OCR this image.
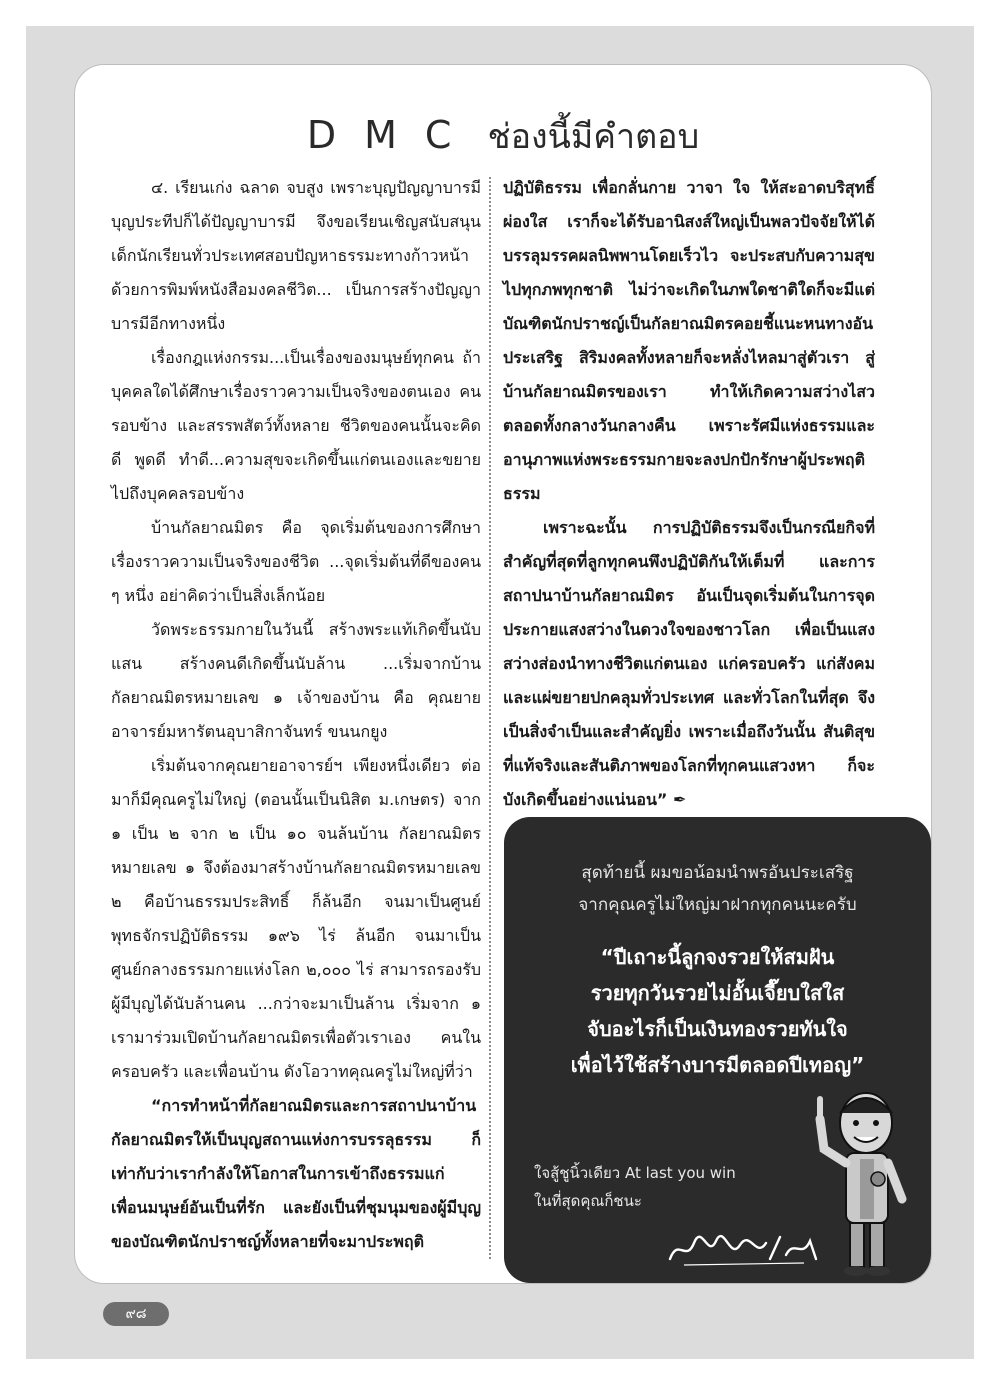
DMC ช่องนี้มีคำตอบ

๔. เรียนเก่ง ฉลาด จบสูง เพราะบุญปัญญาบารมี บุญประทีปก็ได้ปัญญาบารมี จึงขอเรียนเชิญสนับสนุนเด็กนักเรียนทั่วประเทศสอบปัญหาธรรมะทางก้าวหน้า ด้วยการพิมพ์หนังสือมงคลชีวิต... เป็นการสร้างปัญญาบารมีอีกทางหนึ่ง

เรื่องกฎแห่งกรรม...เป็นเรื่องของมนุษย์ทุกคน ถ้าบุคคลใดได้ศึกษาเรื่องราวความเป็นจริงของตนเอง คนรอบข้าง และสรรพสัตว์ทั้งหลาย ชีวิตของคนนั้นจะคิดดี พูดดี ทำดี...ความสุขจะเกิดขึ้นแก่ตนเองและขยายไปถึงบุคคลรอบข้าง

บ้านกัลยาณมิตร คือ จุดเริ่มต้นของการศึกษาเรื่องราวความเป็นจริงของชีวิต ...จุดเริ่มต้นที่ดีของคน ๆ หนึ่ง อย่าคิดว่าเป็นสิ่งเล็กน้อย

วัดพระธรรมกายในวันนี้ สร้างพระแท้เกิดขึ้นนับแสน สร้างคนดีเกิดขึ้นนับล้าน ...เริ่มจากบ้านกัลยาณมิตรหมายเลข ๑ เจ้าของบ้าน คือ คุณยายอาจารย์มหารัตนอุบาสิกาจันทร์ ขนนกยูง

เริ่มต้นจากคุณยายอาจารย์ฯ เพียงหนึ่งเดียว ต่อมาก็มีคุณครูไม่ใหญ่ (ตอนนั้นเป็นนิสิต ม.เกษตร) จาก ๑ เป็น ๒ จาก ๒ เป็น ๑๐ จนล้นบ้าน กัลยาณมิตรหมายเลข ๑ จึงต้องมาสร้างบ้านกัลยาณมิตรหมายเลข ๒ คือบ้านธรรมประสิทธิ์ ก็ล้นอีก จนมาเป็นศูนย์พุทธจักรปฏิบัติธรรม ๑๙๖ ไร่ ล้นอีก จนมาเป็นศูนย์กลางธรรมกายแห่งโลก ๒,๐๐๐ ไร่ สามารถรองรับผู้มีบุญได้นับล้านคน ...กว่าจะมาเป็นล้าน เริ่มจาก ๑ เรามาร่วมเปิดบ้านกัลยาณมิตรเพื่อตัวเราเอง คนในครอบครัว และเพื่อนบ้าน ดังโอวาทคุณครูไม่ใหญ่ที่ว่า

“การทำหน้าที่กัลยาณมิตรและการสถาปนาบ้านกัลยาณมิตรให้เป็นบุญสถานแห่งการบรรลุธรรม ก็เท่ากับว่าเรากำลังให้โอกาสในการเข้าถึงธรรมแก่เพื่อนมนุษย์อันเป็นที่รัก และยังเป็นที่ชุมนุมของผู้มีบุญ ของบัณฑิตนักปราชญ์ทั้งหลายที่จะมาประพฤติ

ปฏิบัติธรรม เพื่อกลั่นกาย วาจา ใจ ให้สะอาดบริสุทธิ์ผ่องใส เราก็จะได้รับอานิสงส์ใหญ่เป็นพลวปัจจัยให้ได้บรรลุมรรคผลนิพพานโดยเร็วไว จะประสบกับความสุขไปทุกภพทุกชาติ ไม่ว่าจะเกิดในภพใดชาติใดก็จะมีแต่บัณฑิตนักปราชญ์เป็นกัลยาณมิตรคอยชี้แนะหนทางอันประเสริฐ สิริมงคลทั้งหลายก็จะหลั่งไหลมาสู่ตัวเรา สู่บ้านกัลยาณมิตรของเรา ทำให้เกิดความสว่างไสวตลอดทั้งกลางวันกลางคืน เพราะรัศมีแห่งธรรมและอานุภาพแห่งพระธรรมกายจะลงปกปักรักษาผู้ประพฤติธรรม

เพราะฉะนั้น การปฏิบัติธรรมจึงเป็นกรณียกิจที่สำคัญที่สุดที่ลูกทุกคนพึงปฏิบัติกันให้เต็มที่ และการสถาปนาบ้านกัลยาณมิตร อันเป็นจุดเริ่มต้นในการจุดประกายแสงสว่างในดวงใจของชาวโลก เพื่อเป็นแสงสว่างส่องนำทางชีวิตแก่ตนเอง แก่ครอบครัว แก่สังคม และแผ่ขยายปกคลุมทั่วประเทศ และทั่วโลกในที่สุด จึงเป็นสิ่งจำเป็นและสำคัญยิ่ง เพราะเมื่อถึงวันนั้น สันติสุขที่แท้จริงและสันติภาพของโลกที่ทุกคนแสวงหา ก็จะบังเกิดขึ้นอย่างแน่นอน” ✒

สุดท้ายนี้ ผมขอน้อมนำพรอันประเสริฐ
จากคุณครูไม่ใหญ่มาฝากทุกคนนะครับ
“ปีเถาะนี้ลูกจงรวยให้สมฝัน
รวยทุกวันรวยไม่อั้นเจี๊ยบใสใส
จับอะไรก็เป็นเงินทองรวยทันใจ
เพื่อไว้ใช้สร้างบารมีตลอดปีเทอญ”
ใจสู้ชูนิ้วเดียว At last you win
ในที่สุดคุณก็ชนะ
๙๘
